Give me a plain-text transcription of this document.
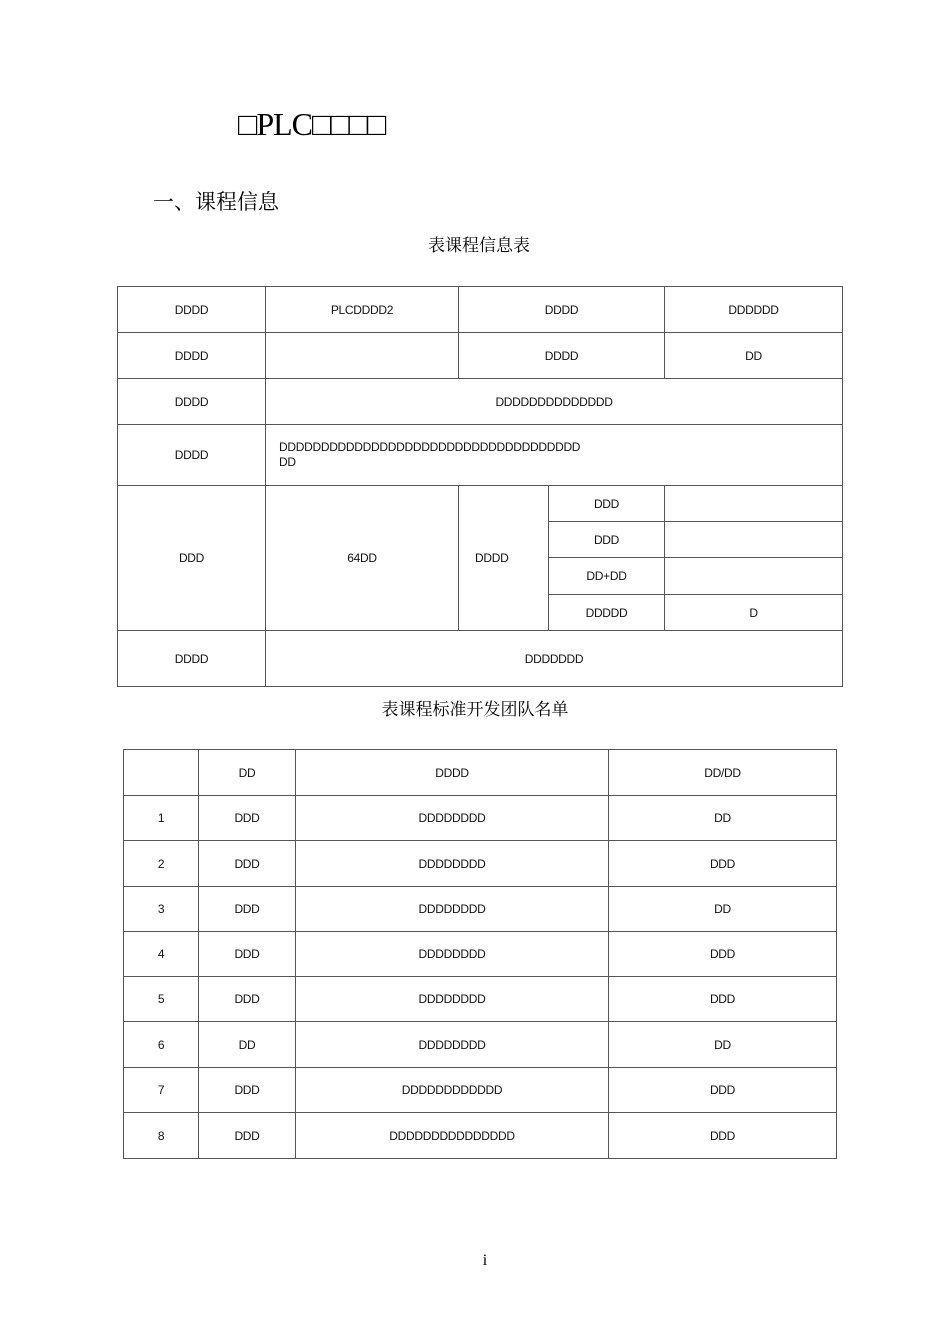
□PLC□□□□
一、课程信息
表课程信息表
DDDD	PLCDDDD2	DDDD		DDDDDD
DDDD		DDDD		DD
DDDD	DDDDDDDDDDDDDD			
DDDD	DDDDDDDDDDDDDDDDDDDDDDDDDDDDDDDDDDDD
DD			

DDD	64DD	DDDD	DDD	
			DDD	
			DD+DD	
			DDDDD	D
DDDD	DDDDDDD			
表课程标准开发团队名单
	DD	DDDD	DD/DD
1	DDD	DDDDDDDD	DD
2	DDD	DDDDDDDD	DDD
3	DDD	DDDDDDDD	DD
4	DDD	DDDDDDDD	DDD
5	DDD	DDDDDDDD	DDD
6	DD	DDDDDDDD	DD
7	DDD	DDDDDDDDDDDD	DDD
8	DDD	DDDDDDDDDDDDDDD	DDD
i
